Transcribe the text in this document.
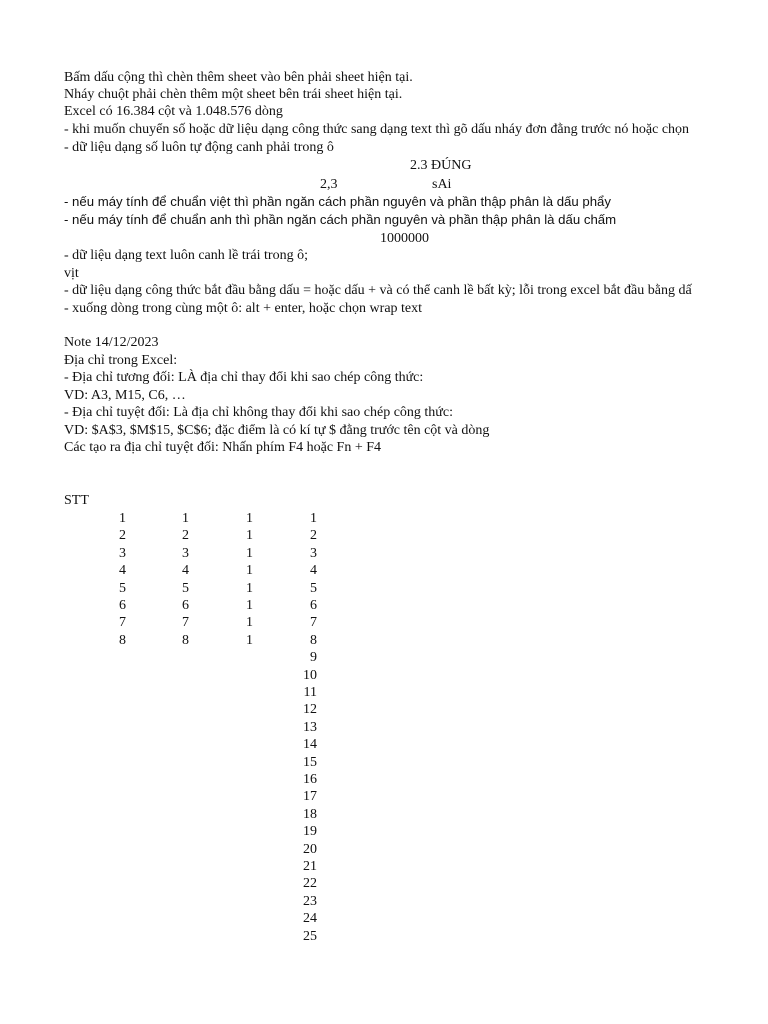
Bấm dấu cộng thì chèn thêm sheet vào bên phải sheet hiện tại.
Nháy chuột phải chèn thêm một sheet bên trái sheet hiện tại.
Excel có 16.384 cột và 1.048.576 dòng
- khi muốn chuyển số hoặc dữ liệu dạng công thức sang dạng text thì gõ dấu nháy đơn đằng trước nó hoặc chọn
- dữ liệu dạng số luôn tự động canh phải trong ô
2.3 ĐÚNG
2,3	sAi
- nếu máy tính để chuẩn việt thì phần ngăn cách phần nguyên và phần thập phân là dấu phẩy
- nếu máy tính để chuẩn anh thì phần ngăn cách phần nguyên và phần thập phân là dấu chấm
1000000
- dữ liệu dạng text luôn canh lề trái trong ô;
vịt
- dữ liệu dạng công thức bắt đầu bằng dấu = hoặc dấu + và có thể canh lề bất kỳ; lỗi trong excel bắt đầu bằng dấ
- xuống dòng trong cùng một ô: alt + enter, hoặc chọn wrap text
Note 14/12/2023
Địa chỉ trong Excel:
- Địa chỉ tương đối: LÀ địa chỉ thay đổi khi sao chép công thức:
VD: A3, M15, C6, …
- Địa chỉ tuyệt đối: Là địa chỉ không thay đổi khi sao chép công thức:
VD: $A$3, $M$15, $C$6; đặc điểm là có kí tự $ đằng trước tên cột và dòng
Các tạo ra địa chỉ tuyệt đối: Nhấn phím F4 hoặc Fn + F4
STT
1
2
3
4
5
6
7
8
1
2
3
4
5
6
7
8
1
1
1
1
1
1
1
1
1
2
3
4
5
6
7
8
9
10
11
12
13
14
15
16
17
18
19
20
21
22
23
24
25
